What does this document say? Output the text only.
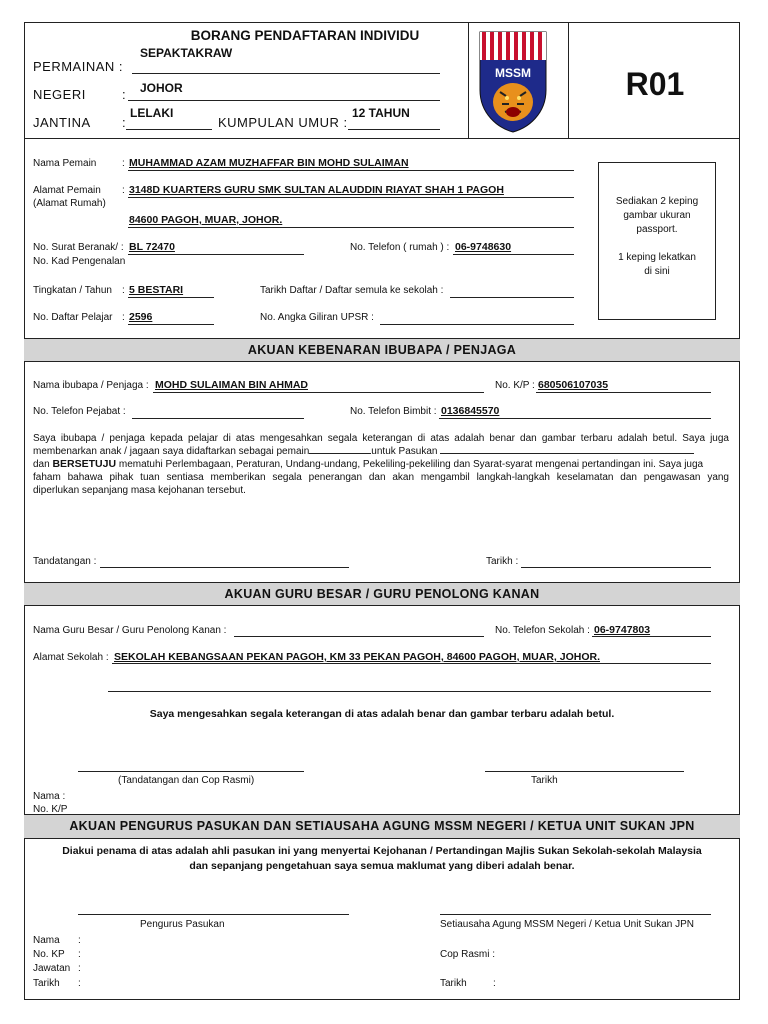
BORANG PENDAFTARAN INDIVIDU
PERMAINAN :
SEPAKTAKRAW
NEGERI	: JOHOR
JANTINA :
LELAKI
KUMPULAN UMUR :
12 TAHUN
MSSM	R01
Nama Pemain	: MUHAMMAD AZAM MUZHAFFAR BIN MOHD SULAIMAN
Alamat Pemain
(Alamat Rumah)
: 3148D KUARTERS GURU SMK SULTAN ALAUDDIN RIAYAT SHAH 1 PAGOH
84600 PAGOH, MUAR, JOHOR.
No. Surat Beranak/ :
No. Kad Pengenalan
BL 72470	No. Telefon ( rumah ) : 06-9748630
Tingkatan / Tahun : 5 BESTARI	Tarikh Daftar / Daftar semula ke sekolah :
No. Daftar Pelajar : 2596	No. Angka Giliran UPSR :
Sediakan 2 keping
gambar ukuran
passport.
1 keping lekatkan
di sini
AKUAN KEBENARAN IBUBAPA / PENJAGA
Nama ibubapa / Penjaga : MOHD SULAIMAN BIN AHMAD	No. K/P : 680506107035
No. Telefon Pejabat :	No. Telefon Bimbit : 0136845570
Saya ibubapa / penjaga kepada pelajar di atas mengesahkan segala keterangan di atas adalah benar dan gambar terbaru adalah betul. Saya juga
membenarkan anak / jagaan saya didaftarkan sebagai pemain	untuk Pasukan
dan BERSETUJU mematuhi Perlembagaan, Peraturan, Undang-undang, Pekeliling-pekeliling dan Syarat-syarat mengenai pertandingan ini. Saya juga
faham bahawa pihak tuan sentiasa memberikan segala penerangan dan akan mengambil langkah-langkah keselamatan dan pengawasan yang
diperlukan sepanjang masa kejohanan tersebut.
Tandatangan :	Tarikh :
AKUAN GURU BESAR / GURU PENOLONG KANAN
Nama Guru Besar / Guru Penolong Kanan :	No. Telefon Sekolah : 06-9747803
Alamat Sekolah : SEKOLAH KEBANGSAAN PEKAN PAGOH, KM 33 PEKAN PAGOH, 84600 PAGOH, MUAR, JOHOR.
Saya mengesahkan segala keterangan di atas adalah benar dan gambar terbaru adalah betul.
(Tandatangan dan Cop Rasmi)	Tarikh
Nama :
No. K/P
AKUAN PENGURUS PASUKAN DAN SETIAUSAHA AGUNG MSSM NEGERI / KETUA UNIT SUKAN JPN
Diakui penama di atas adalah ahli pasukan ini yang menyertai Kejohanan / Pertandingan Majlis Sukan Sekolah-sekolah Malaysia
dan sepanjang pengetahuan saya semua maklumat yang diberi adalah benar.
Pengurus Pasukan	Setiausaha Agung MSSM Negeri / Ketua Unit Sukan JPN
Nama :
No. KP :
Jawatan :
Tarikh :
Cop Rasmi :
Tarikh	:
